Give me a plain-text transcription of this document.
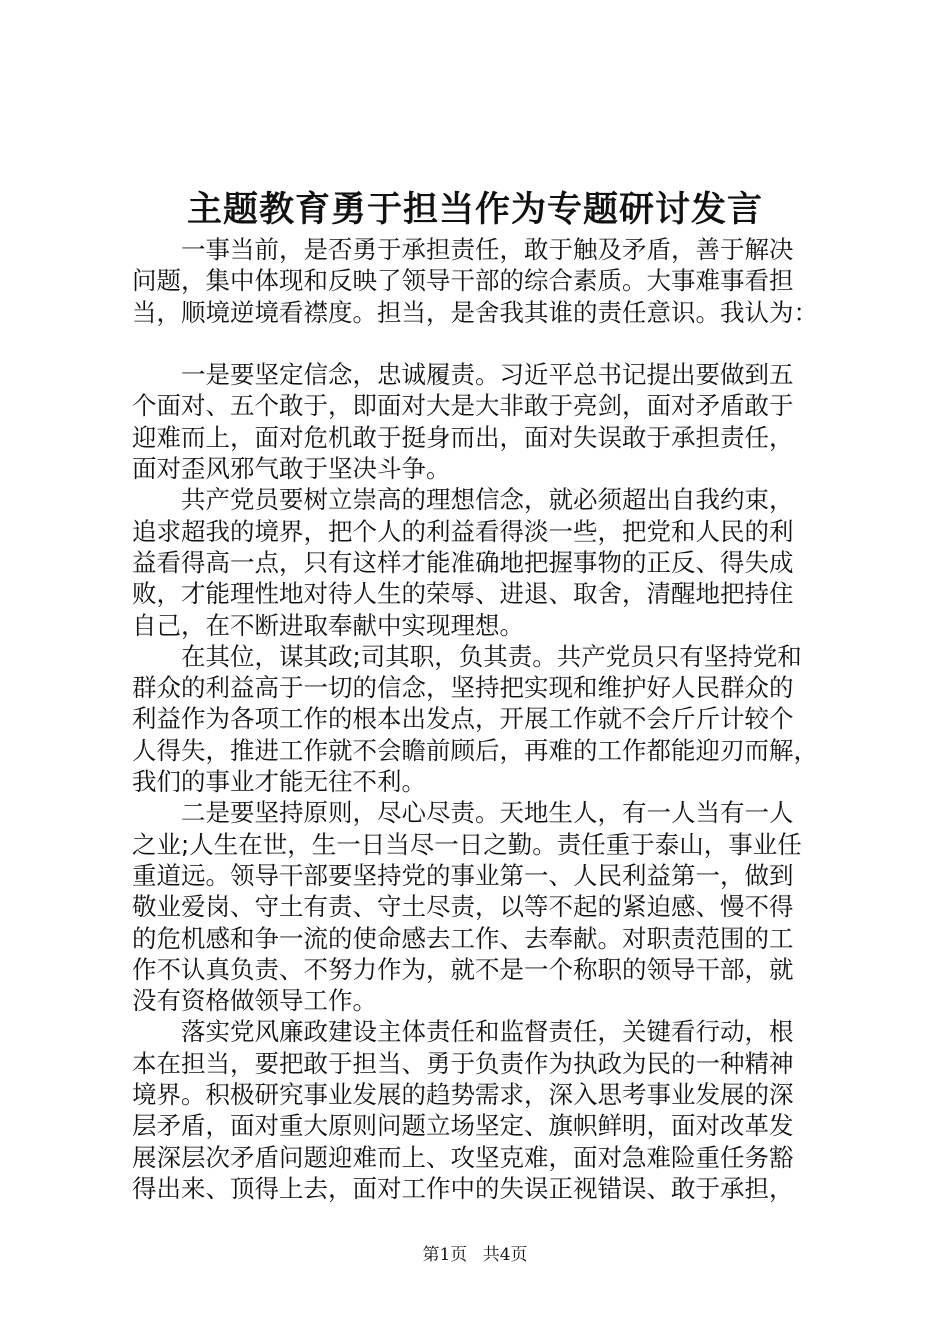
主题教育勇于担当作为专题研讨发言
　　一事当前，是否勇于承担责任，敢于触及矛盾，善于解决
问题，集中体现和反映了领导干部的综合素质。大事难事看担
当，顺境逆境看襟度。担当，是舍我其谁的责任意识。我认为：
　　一是要坚定信念，忠诚履责。习近平总书记提出要做到五
个面对、五个敢于，即面对大是大非敢于亮剑，面对矛盾敢于
迎难而上，面对危机敢于挺身而出，面对失误敢于承担责任，
面对歪风邪气敢于坚决斗争。
　　共产党员要树立崇高的理想信念，就必须超出自我约束，
追求超我的境界，把个人的利益看得淡一些，把党和人民的利
益看得高一点，只有这样才能准确地把握事物的正反、得失成
败，才能理性地对待人生的荣辱、进退、取舍，清醒地把持住
自己，在不断进取奉献中实现理想。
　　在其位，谋其政;司其职，负其责。共产党员只有坚持党和
群众的利益高于一切的信念，坚持把实现和维护好人民群众的
利益作为各项工作的根本出发点，开展工作就不会斤斤计较个
人得失，推进工作就不会瞻前顾后，再难的工作都能迎刃而解，
我们的事业才能无往不利。
　　二是要坚持原则，尽心尽责。天地生人，有一人当有一人
之业;人生在世，生一日当尽一日之勤。责任重于泰山，事业任
重道远。领导干部要坚持党的事业第一、人民利益第一，做到
敬业爱岗、守土有责、守土尽责，以等不起的紧迫感、慢不得
的危机感和争一流的使命感去工作、去奉献。对职责范围的工
作不认真负责、不努力作为，就不是一个称职的领导干部，就
没有资格做领导工作。
　　落实党风廉政建设主体责任和监督责任，关键看行动，根
本在担当，要把敢于担当、勇于负责作为执政为民的一种精神
境界。积极研究事业发展的趋势需求，深入思考事业发展的深
层矛盾，面对重大原则问题立场坚定、旗帜鲜明，面对改革发
展深层次矛盾问题迎难而上、攻坚克难，面对急难险重任务豁
得出来、顶得上去，面对工作中的失误正视错误、敢于承担，
第1页 共4页
